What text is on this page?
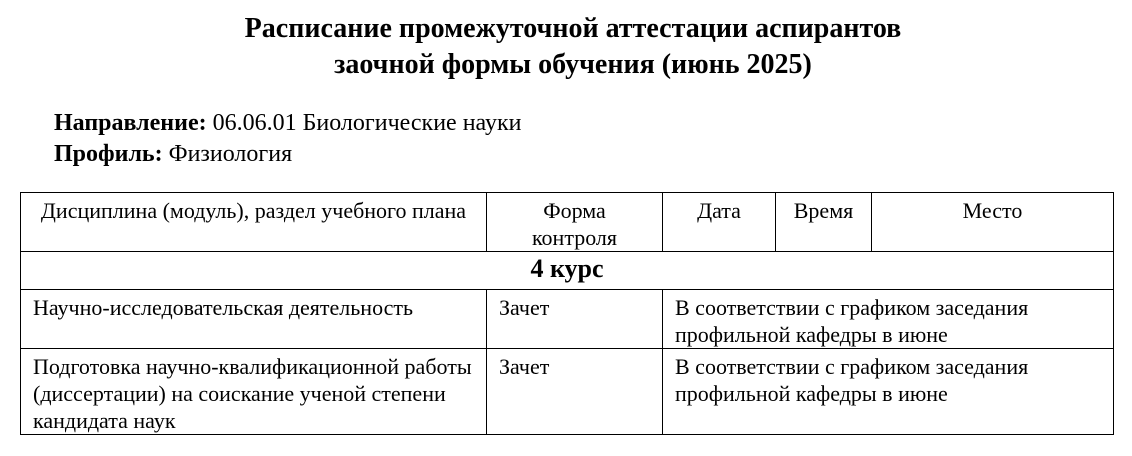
Расписание промежуточной аттестации аспирантов
заочной формы обучения (июнь 2025)
Направление: 06.06.01 Биологические науки
Профиль: Физиология
Дисциплина (модуль), раздел учебного плана	Форма контроля	Дата	Время	Место
4 курс				
Научно-исследовательская деятельность	Зачет	В соответствии с графиком заседания профильной кафедры в июне		
Подготовка научно-квалификационной работы (диссертации) на соискание ученой степени кандидата наук	Зачет	В соответствии с графиком заседания профильной кафедры в июне		
